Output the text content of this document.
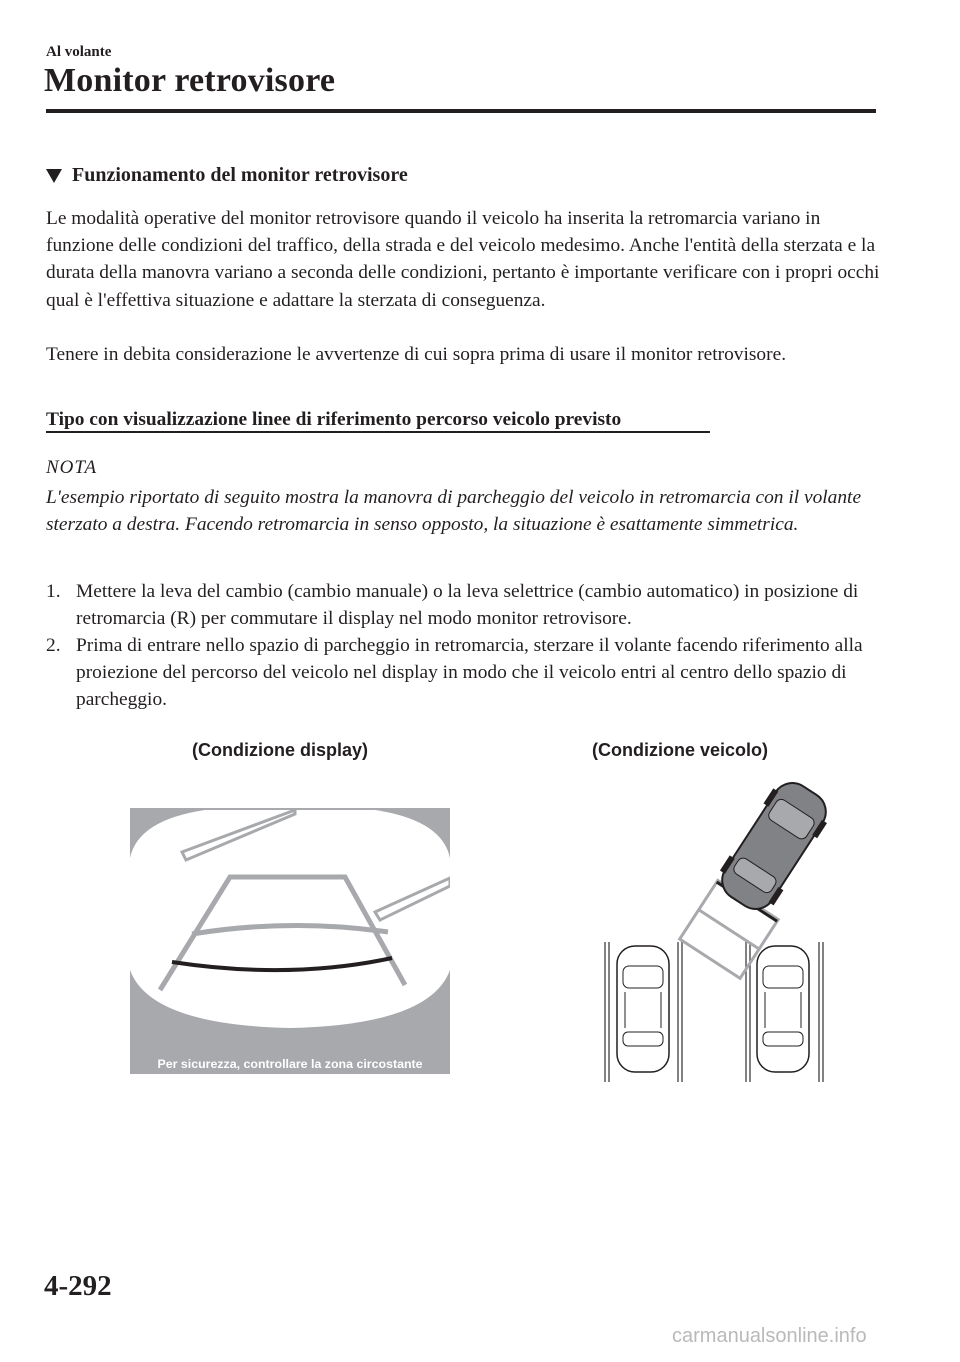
Al volante
Monitor retrovisore
Funzionamento del monitor retrovisore
Le modalità operative del monitor retrovisore quando il veicolo ha inserita la retromarcia variano in funzione delle condizioni del traffico, della strada e del veicolo medesimo. Anche l'entità della sterzata e la durata della manovra variano a seconda delle condizioni, pertanto è importante verificare con i propri occhi qual è l'effettiva situazione e adattare la sterzata di conseguenza.
Tenere in debita considerazione le avvertenze di cui sopra prima di usare il monitor retrovisore.
Tipo con visualizzazione linee di riferimento percorso veicolo previsto
NOTA
L'esempio riportato di seguito mostra la manovra di parcheggio del veicolo in retromarcia con il volante sterzato a destra. Facendo retromarcia in senso opposto, la situazione è esattamente simmetrica.
1. Mettere la leva del cambio (cambio manuale) o la leva selettrice (cambio automatico) in posizione di retromarcia (R) per commutare il display nel modo monitor retrovisore.
2. Prima di entrare nello spazio di parcheggio in retromarcia, sterzare il volante facendo riferimento alla proiezione del percorso del veicolo nel display in modo che il veicolo entri al centro dello spazio di parcheggio.
(Condizione display)	(Condizione veicolo)
Per sicurezza, controllare la zona circostante
4-292
carmanualsonline.info
